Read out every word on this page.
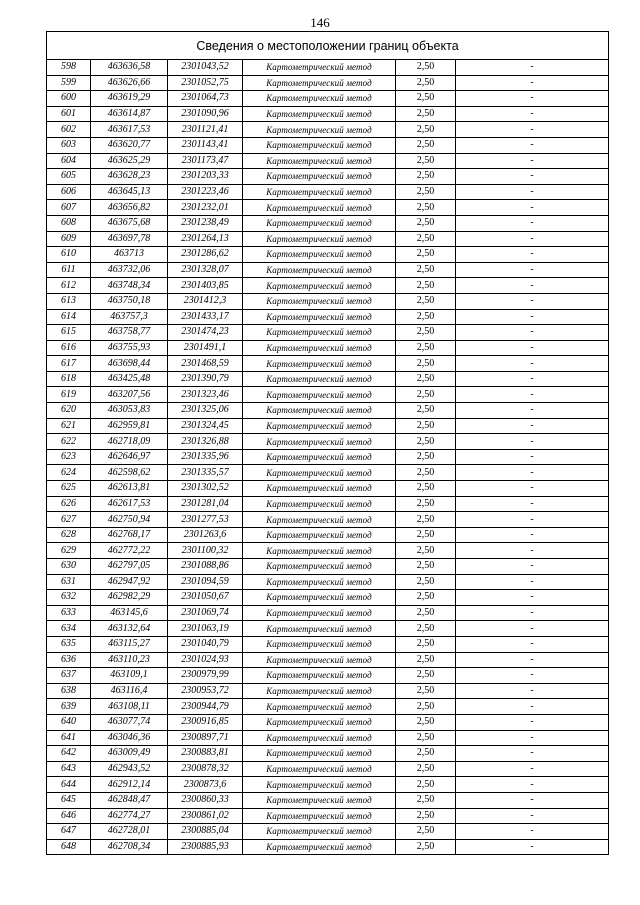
146
Сведения о местоположении границ объекта					
598	463636,58	2301043,52	Картометрический метод	2,50	-
599	463626,66	2301052,75	Картометрический метод	2,50	-
600	463619,29	2301064,73	Картометрический метод	2,50	-
601	463614,87	2301090,96	Картометрический метод	2,50	-
602	463617,53	2301121,41	Картометрический метод	2,50	-
603	463620,77	2301143,41	Картометрический метод	2,50	-
604	463625,29	2301173,47	Картометрический метод	2,50	-
605	463628,23	2301203,33	Картометрический метод	2,50	-
606	463645,13	2301223,46	Картометрический метод	2,50	-
607	463656,82	2301232,01	Картометрический метод	2,50	-
608	463675,68	2301238,49	Картометрический метод	2,50	-
609	463697,78	2301264,13	Картометрический метод	2,50	-
610	463713	2301286,62	Картометрический метод	2,50	-
611	463732,06	2301328,07	Картометрический метод	2,50	-
612	463748,34	2301403,85	Картометрический метод	2,50	-
613	463750,18	2301412,3	Картометрический метод	2,50	-
614	463757,3	2301433,17	Картометрический метод	2,50	-
615	463758,77	2301474,23	Картометрический метод	2,50	-
616	463755,93	2301491,1	Картометрический метод	2,50	-
617	463698,44	2301468,59	Картометрический метод	2,50	-
618	463425,48	2301390,79	Картометрический метод	2,50	-
619	463207,56	2301323,46	Картометрический метод	2,50	-
620	463053,83	2301325,06	Картометрический метод	2,50	-
621	462959,81	2301324,45	Картометрический метод	2,50	-
622	462718,09	2301326,88	Картометрический метод	2,50	-
623	462646,97	2301335,96	Картометрический метод	2,50	-
624	462598,62	2301335,57	Картометрический метод	2,50	-
625	462613,81	2301302,52	Картометрический метод	2,50	-
626	462617,53	2301281,04	Картометрический метод	2,50	-
627	462750,94	2301277,53	Картометрический метод	2,50	-
628	462768,17	2301263,6	Картометрический метод	2,50	-
629	462772,22	2301100,32	Картометрический метод	2,50	-
630	462797,05	2301088,86	Картометрический метод	2,50	-
631	462947,92	2301094,59	Картометрический метод	2,50	-
632	462982,29	2301050,67	Картометрический метод	2,50	-
633	463145,6	2301069,74	Картометрический метод	2,50	-
634	463132,64	2301063,19	Картометрический метод	2,50	-
635	463115,27	2301040,79	Картометрический метод	2,50	-
636	463110,23	2301024,93	Картометрический метод	2,50	-
637	463109,1	2300979,99	Картометрический метод	2,50	-
638	463116,4	2300953,72	Картометрический метод	2,50	-
639	463108,11	2300944,79	Картометрический метод	2,50	-
640	463077,74	2300916,85	Картометрический метод	2,50	-
641	463046,36	2300897,71	Картометрический метод	2,50	-
642	463009,49	2300883,81	Картометрический метод	2,50	-
643	462943,52	2300878,32	Картометрический метод	2,50	-
644	462912,14	2300873,6	Картометрический метод	2,50	-
645	462848,47	2300860,33	Картометрический метод	2,50	-
646	462774,27	2300861,02	Картометрический метод	2,50	-
647	462728,01	2300885,04	Картометрический метод	2,50	-
648	462708,34	2300885,93	Картометрический метод	2,50	-
